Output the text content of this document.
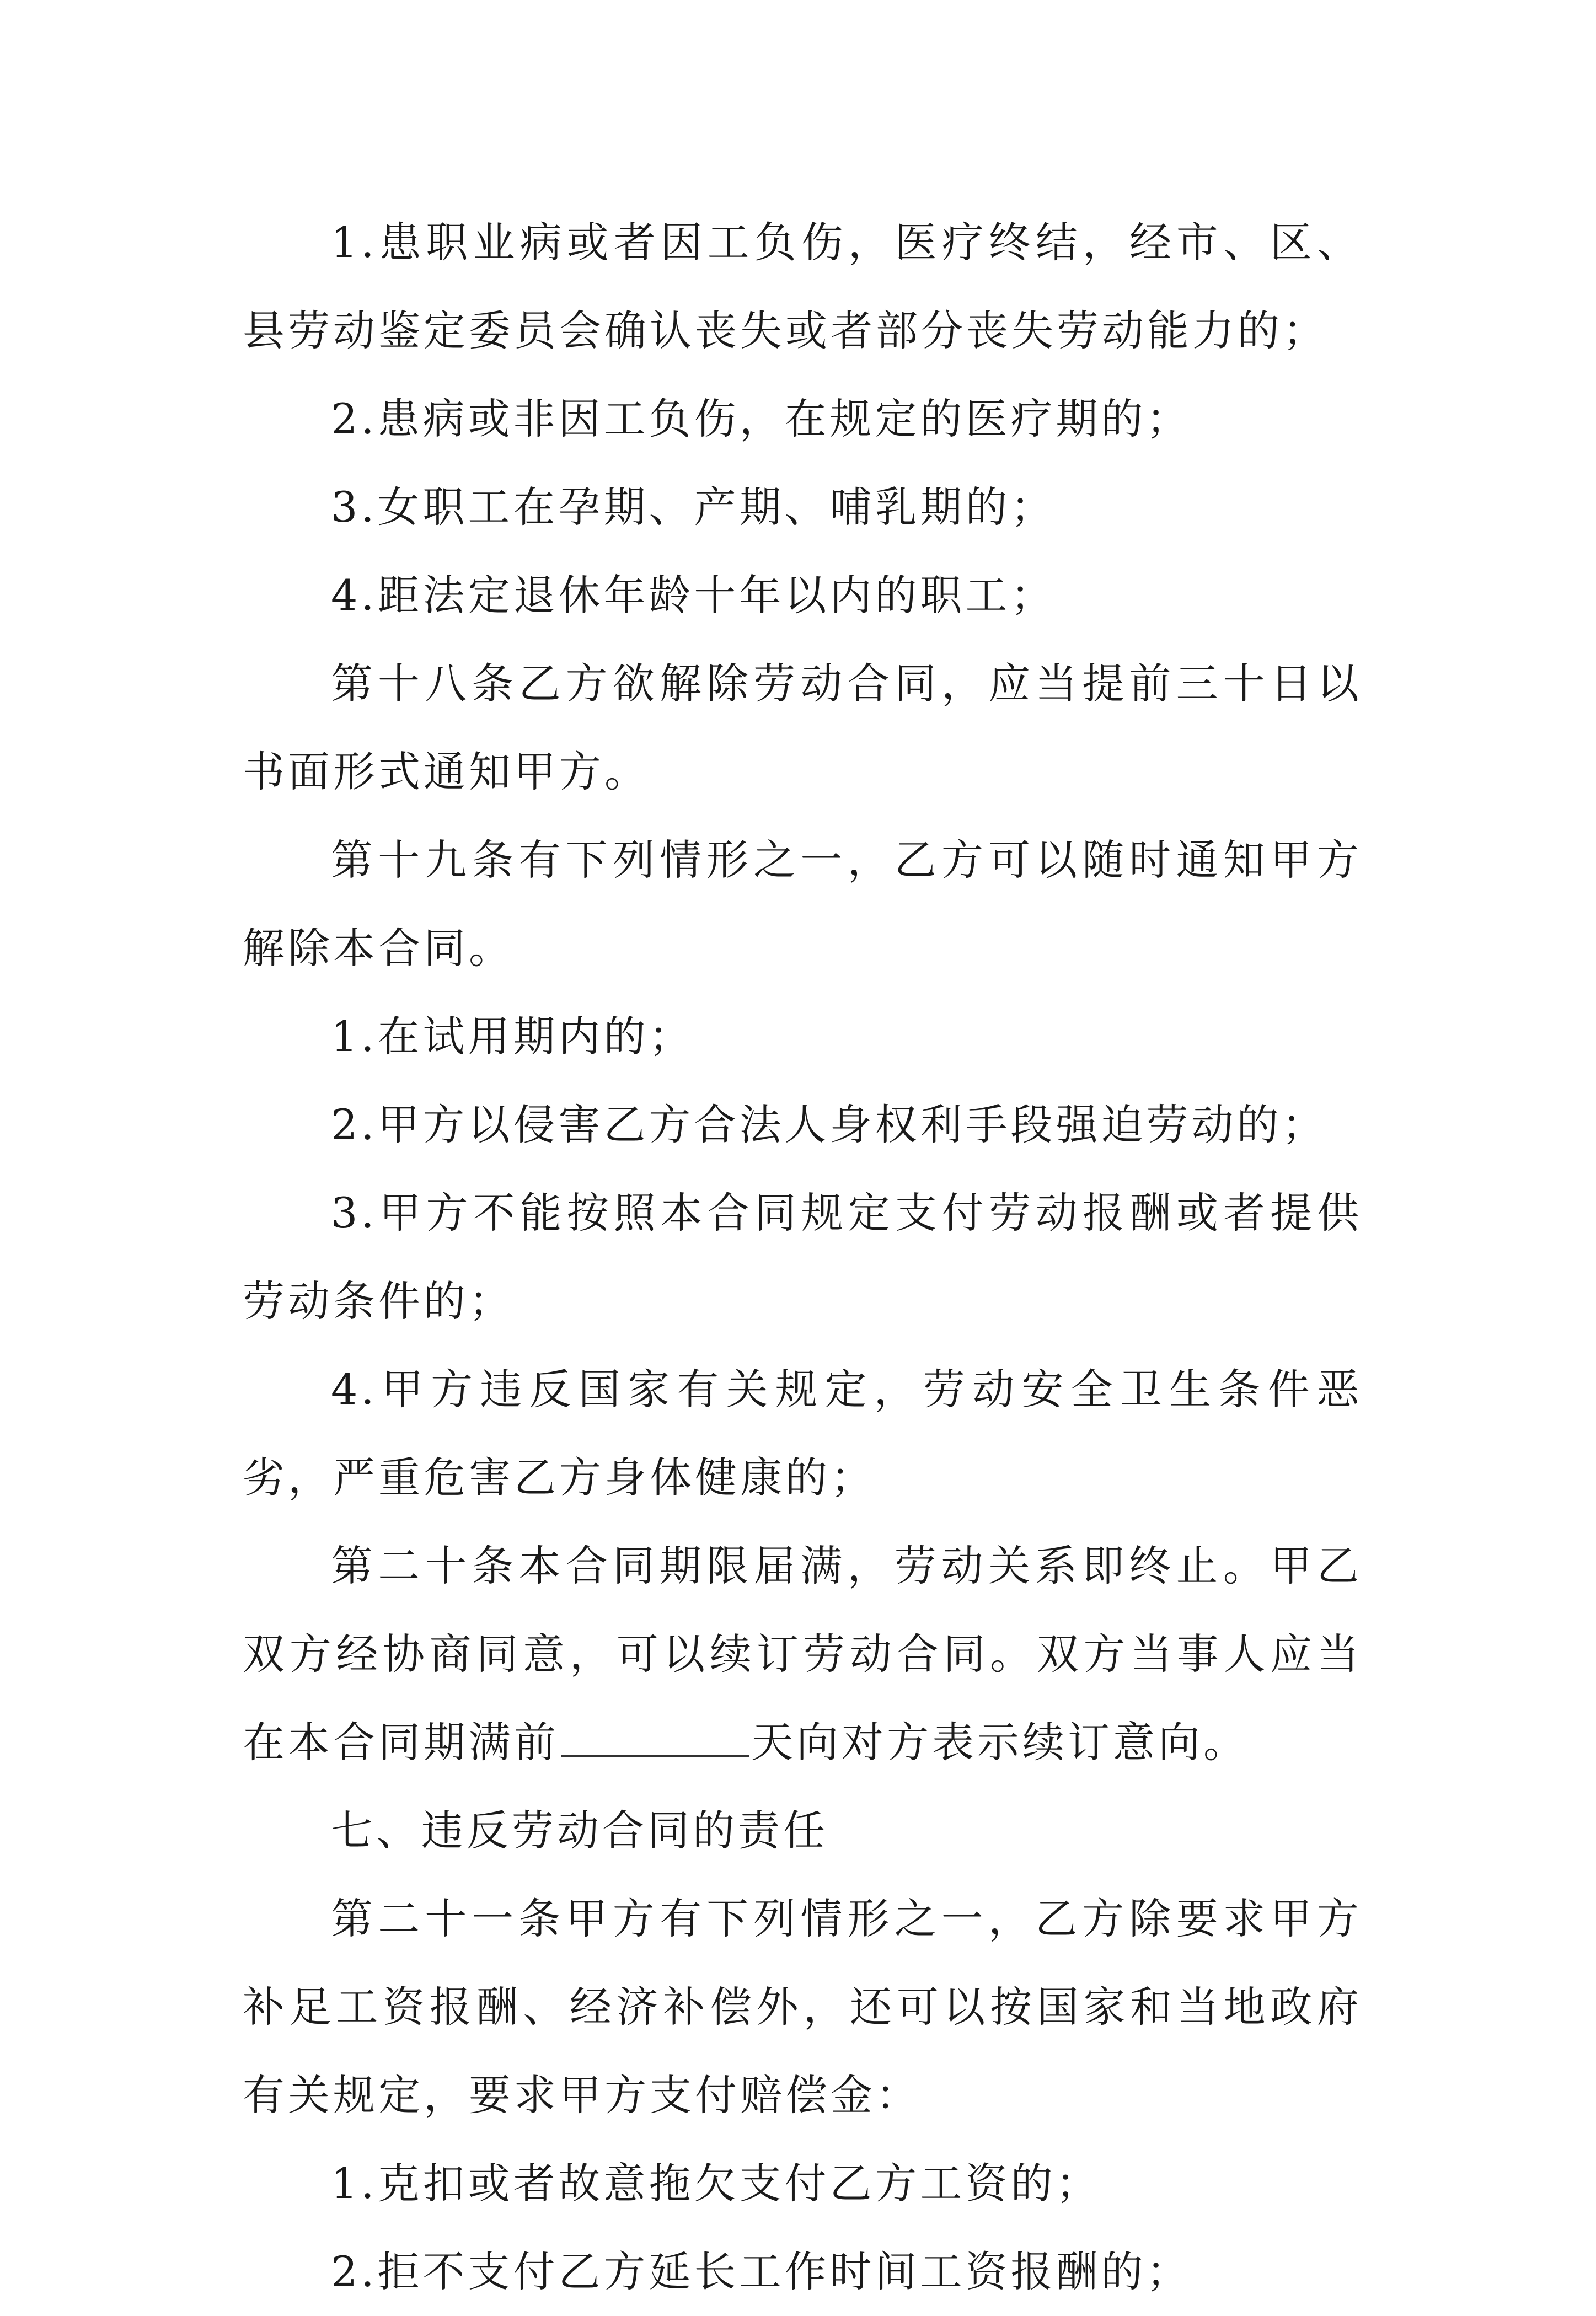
1.患职业病或者因工负伤，医疗终结，经市、区、县劳动鉴定委员会确认丧失或者部分丧失劳动能力的；

2.患病或非因工负伤，在规定的医疗期的；

3.女职工在孕期、产期、哺乳期的；

4.距法定退休年龄十年以内的职工；

第十八条乙方欲解除劳动合同，应当提前三十日以书面形式通知甲方。

第十九条有下列情形之一，乙方可以随时通知甲方解除本合同。

1.在试用期内的；

2.甲方以侵害乙方合法人身权利手段强迫劳动的；

3.甲方不能按照本合同规定支付劳动报酬或者提供劳动条件的；

4.甲方违反国家有关规定，劳动安全卫生条件恶劣，严重危害乙方身体健康的；

第二十条本合同期限届满，劳动关系即终止。甲乙双方经协商同意，可以续订劳动合同。双方当事人应当在本合同期满前	天向对方表示续订意向。

七、违反劳动合同的责任

第二十一条甲方有下列情形之一，乙方除要求甲方补足工资报酬、经济补偿外，还可以按国家和当地政府有关规定，要求甲方支付赔偿金：

1.克扣或者故意拖欠支付乙方工资的；

2.拒不支付乙方延长工作时间工资报酬的；
